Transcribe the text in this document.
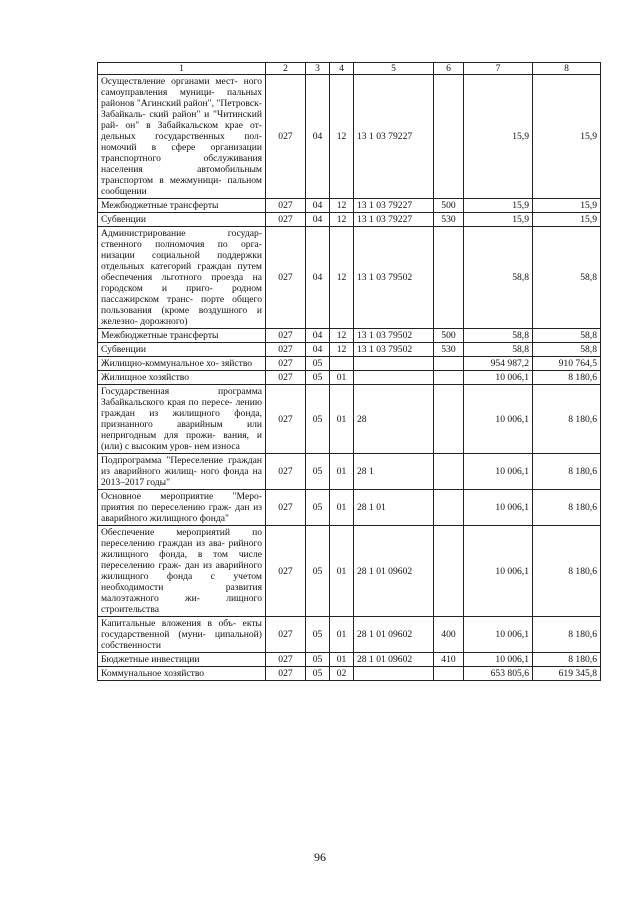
1	2	3	4	5	6	7	8
Осуществление органами мест- ного самоуправления муници- пальных районов "Агинский район", "Петровск-Забайкаль- ский район" и "Читинский рай- он" в Забайкальском крае от- дельных государственных пол- номочий в сфере организации транспортного обслуживания населения автомобильным транспортом в межмуници- пальном сообщении	027	04	12	13 1 03 79227		15,9	15,9
Межбюджетные трансферты	027	04	12	13 1 03 79227	500	15,9	15,9
Субвенции	027	04	12	13 1 03 79227	530	15,9	15,9
Администрирование государ- ственного полномочия по орга- низации социальной поддержки отдельных категорий граждан путем обеспечения льготного проезда на городском и приго- родном пассажирском транс- порте общего пользования (кроме воздушного и железно- дорожного)	027	04	12	13 1 03 79502		58,8	58,8
Межбюджетные трансферты	027	04	12	13 1 03 79502	500	58,8	58,8
Субвенции	027	04	12	13 1 03 79502	530	58,8	58,8
Жилищно-коммунальное хо- зяйство	027	05				954 987,2	910 764,5
Жилищное хозяйство	027	05	01			10 006,1	8 180,6
Государственная программа Забайкальского края по пересе- лению граждан из жилищного фонда, признанного аварийным или непригодным для прожи- вания, и (или) с высоким уров- нем износа	027	05	01	28		10 006,1	8 180,6
Подпрограмма "Переселение граждан из аварийного жилищ- ного фонда на 2013–2017 годы"	027	05	01	28 1		10 006,1	8 180,6
Основное мероприятие "Меро- приятия по переселению граж- дан из аварийного жилищного фонда"	027	05	01	28 1 01		10 006,1	8 180,6
Обеспечение мероприятий по переселению граждан из ава- рийного жилищного фонда, в том числе переселению граж- дан из аварийного жилищного фонда с учетом необходимости развития малоэтажного жи- лищного строительства	027	05	01	28 1 01 09602		10 006,1	8 180,6
Капитальные вложения в объ- екты государственной (муни- ципальной) собственности	027	05	01	28 1 01 09602	400	10 006,1	8 180,6
Бюджетные инвестиции	027	05	01	28 1 01 09602	410	10 006,1	8 180,6
Коммунальное хозяйство	027	05	02			653 805,6	619 345,8
96
